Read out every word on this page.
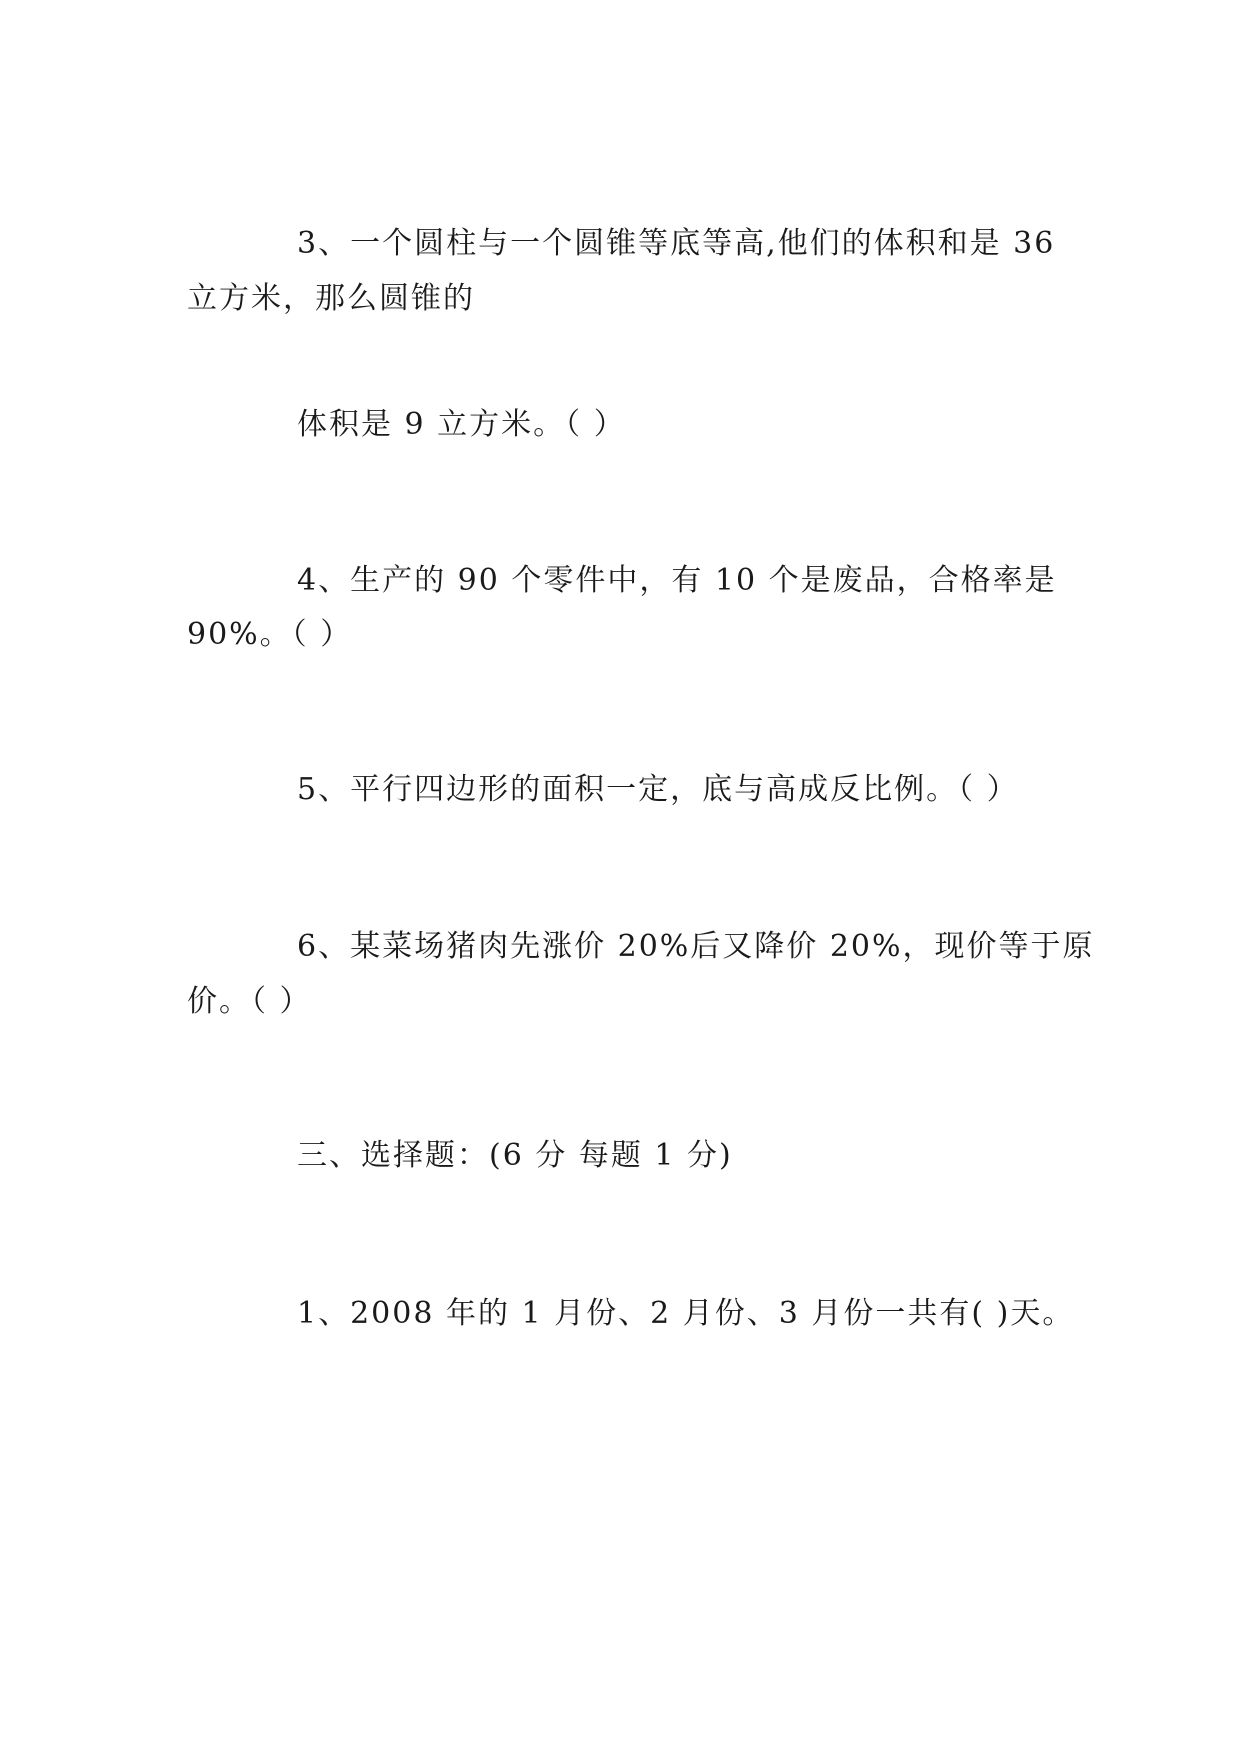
3、一个圆柱与一个圆锥等底等高,他们的体积和是 36

立方米，那么圆锥的

体积是 9 立方米。（ ）

4、生产的 90 个零件中，有 10 个是废品，合格率是

90%。（ ）

5、平行四边形的面积一定，底与高成反比例。（ ）

6、某菜场猪肉先涨价 20%后又降价 20%，现价等于原

价。（ ）

三、选择题：(6 分 每题 1 分)

1、2008 年的 1 月份、2 月份、3 月份一共有( )天。
